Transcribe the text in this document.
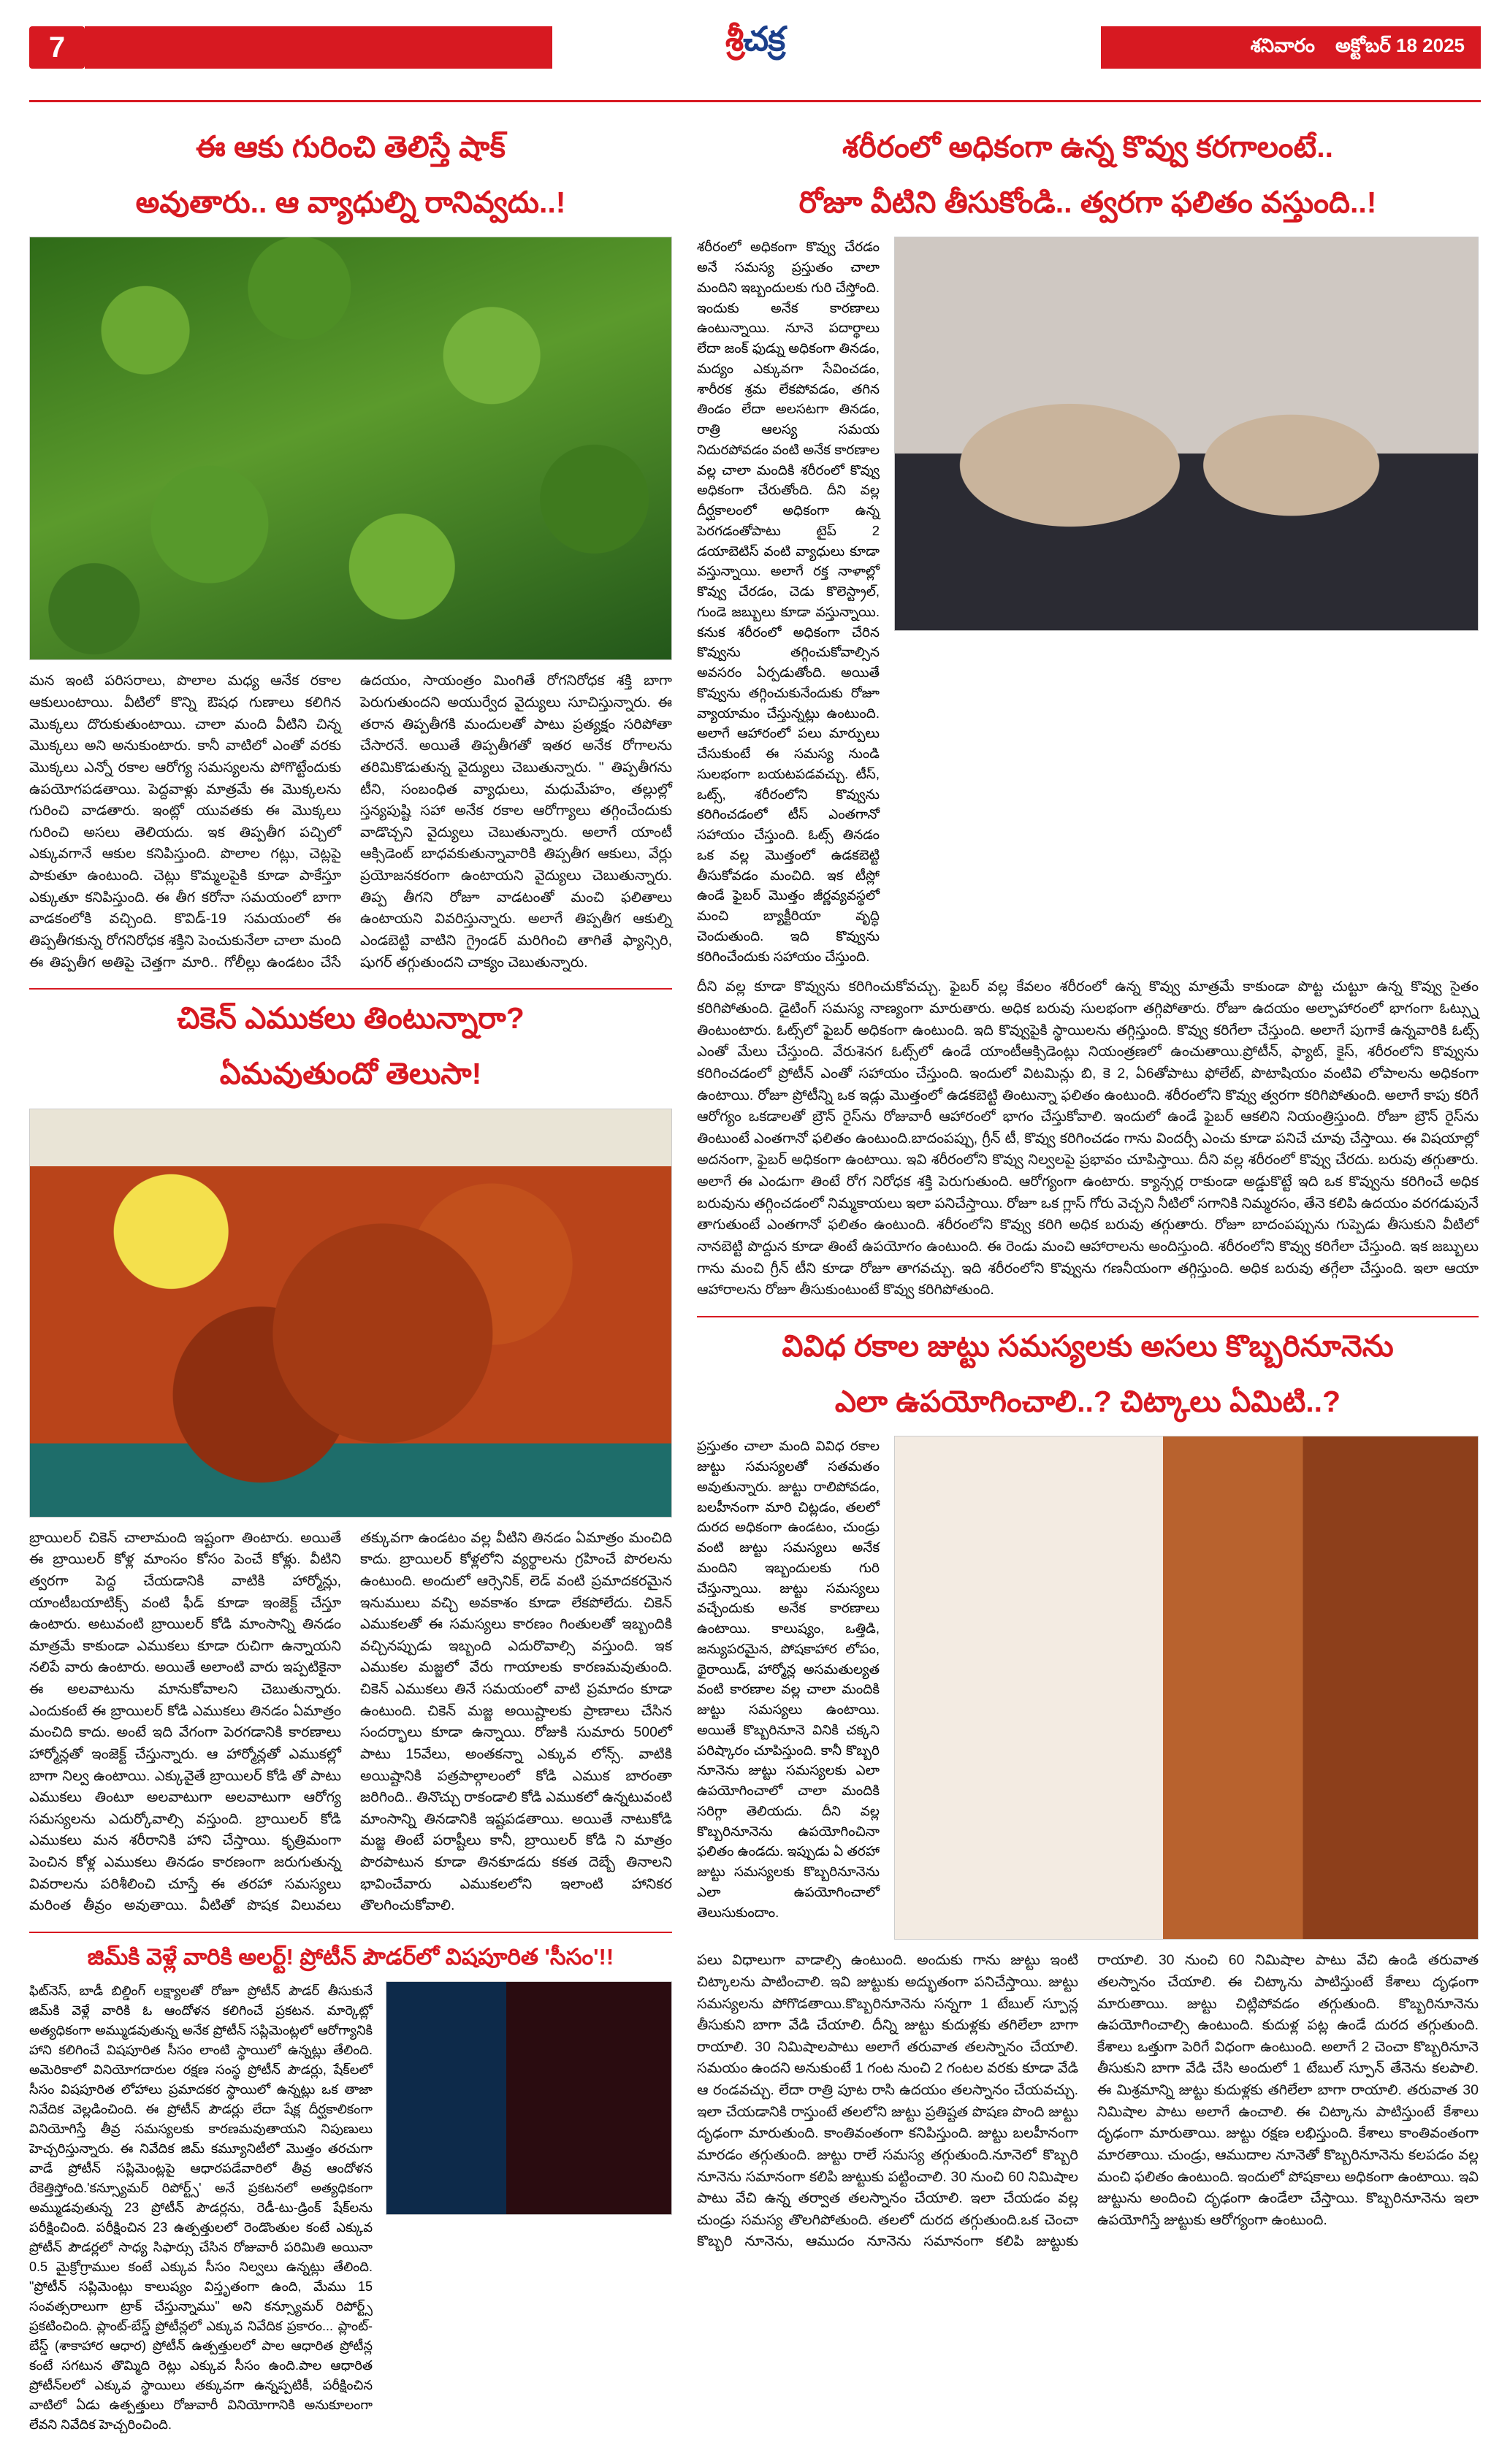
7	శ్రీచక్ర	శనివారం అక్టోబర్ 18 2025
ఈ ఆకు గురించి తెలిస్తే షాక్
అవుతారు.. ఆ వ్యాధుల్ని రానివ్వదు..!
మన ఇంటి పరిసరాలు, పొలాల మధ్య ఆనేక రకాల ఆకులుంటాయి. వీటిలో కొన్ని ఔషధ గుణాలు కలిగిన మొక్కలు దొరుకుతుంటాయి. చాలా మంది వీటిని చిన్న మొక్కలు అని అనుకుంటారు. కానీ వాటిలో ఎంతో వరకు మొక్కలు ఎన్నో రకాల ఆరోగ్య సమస్యలను పోగొట్టేందుకు ఉపయోగపడతాయి. పెద్దవాళ్లు మాత్రమే ఈ మొక్కలను గురించి వాడతారు. ఇంట్లో యువతకు ఈ మొక్కలు గురించి అసలు తెలియదు. ఇక తిప్పతీగ పచ్చిలో ఎక్కువగానే ఆకుల కనిపిస్తుంది. పొలాల గట్లు, చెట్లపై పాకుతూ ఉంటుంది. చెట్లు కొమ్మలపైకి కూడా పాకేస్తూ ఎక్కుతూ కనిపిస్తుంది. ఈ తీగ కరోనా సమయంలో బాగా వాడకంలోకి వచ్చింది. కొవిడ్-19 సమయంలో ఈ తిప్పతీగకున్న రోగనిరోధక శక్తిని పెంచుకునేలా చాలా మంది ఈ తిప్పతీగ అతిపై చెత్తగా మారి.. గోలీల్లు ఉండటం చేసే ఉదయం, సాయంత్రం మింగితే రోగనిరోధక శక్తి బాగా పెరుగుతుందని అయుర్వేద వైద్యులు సూచిస్తున్నారు. ఈ తరాన తిప్పతీగకి మందులతో పాటు ప్రత్యక్షం సరిపోతా చేసారనే. అయితే తిప్పతీగతో ఇతర అనేక రోగాలను తరిమికొడుతున్న వైద్యులు చెబుతున్నారు. " తిప్పతీగను టీని, సంబంధిత వ్యాధులు, మధుమేహం, తల్లుల్లో స్తన్యపుష్టి సహా అనేక రకాల ఆరోగ్యాలు తగ్గించేందుకు వాడొచ్చని వైద్యులు చెబుతున్నారు. అలాగే యాంటీ ఆక్సిడెంట్ బాధవకుతున్నావారికి తిప్పతీగ ఆకులు, వేర్లు ప్రయోజనకరంగా ఉంటాయని వైద్యులు చెబుతున్నారు. తిప్ప తీగని రోజూ వాడటంతో మంచి ఫలితాలు ఉంటాయని వివరిస్తున్నారు. అలాగే తిప్పతీగ ఆకుల్ని ఎండబెట్టి వాటిని గ్రైండర్ మరిగించి తాగితే ఫ్యాన్సిరి, షుగర్ తగ్గుతుందని చాక్యం చెబుతున్నారు.
చికెన్ ఎముకలు తింటున్నారా?
ఏమవుతుందో తెలుసా!
బ్రాయిలర్ చికెన్ చాలామంది ఇష్టంగా తింటారు. అయితే ఈ బ్రాయిలర్ కోళ్ల మాంసం కోసం పెంచే కోళ్లు. వీటిని త్వరగా పెద్ద చేయడానికి వాటికి హార్మోన్లు, యాంటీబయాటిక్స్ వంటి ఫీడ్ కూడా ఇంజెక్ట్ చేస్తూ ఉంటారు. అటువంటి బ్రాయిలర్ కోడి మాంసాన్ని తినడం మాత్రమే కాకుండా ఎముకలు కూడా రుచిగా ఉన్నాయని నలిపే వారు ఉంటారు. అయితే అలాంటి వారు ఇప్పటికైనా ఈ అలవాటును మానుకోవాలని చెబుతున్నారు. ఎందుకంటే ఈ బ్రాయిలర్ కోడి ఎముకలు తినడం ఏమాత్రం మంచిది కాదు. అంటే ఇది వేగంగా పెరగడానికి కారణాలు హార్మోన్లతో ఇంజెక్ట్ చేస్తున్నారు. ఆ హార్మోన్లతో ఎముకల్లో బాగా నిల్వ ఉంటాయి. ఎక్కువైతే బ్రాయిలర్ కోడి తో పాటు ఎముకలు తింటూ అలవాటుగా అలవాటుగా ఆరోగ్య సమస్యలను ఎదుర్కోవాల్సి వస్తుంది. బ్రాయిలర్ కోడి ఎముకలు మన శరీరానికి హాని చేస్తాయి. కృత్రిమంగా పెంచిన కోళ్ల ఎముకలు తినడం కారణంగా జరుగుతున్న వివరాలను పరిశీలించి చూస్తే ఈ తరహా సమస్యలు మరింత తీవ్రం అవుతాయి. వీటితో పొషక విలువలు తక్కువగా ఉండటం వల్ల వీటిని తినడం ఏమాత్రం మంచిది కాదు. బ్రాయిలర్ కోళ్లలోని వ్యర్థాలను గ్రహించే పొరలను ఉంటుంది. అందులో ఆర్సెనిక్, లెడ్ వంటి ప్రమాదకరమైన ఇనుములు వచ్చి అవకాశం కూడా లేకపోలేదు. చికెన్ ఎముకలతో ఈ సమస్యలు కారణం గింతులతో ఇబ్బందికి వచ్చినప్పుడు ఇబ్బంది ఎదురొవాల్సి వస్తుంది. ఇక ఎముకల మజ్జలో వేరు గాయాలకు కారణమవుతుంది. చికెన్ ఎముకలు తినే సమయంలో వాటి ప్రమాదం కూడా ఉంటుంది. చికెన్ మజ్జ అయిష్టాలకు ప్రాణాలు చేసిన సందర్భాలు కూడా ఉన్నాయి. రోజుకి సుమారు 500లో పాటు 15వేలు, అంతకన్నా ఎక్కువ లోన్స్. వాటికి అయిష్టానికి పత్రపాల్గాలంలో కోడి ఎముక బారంతా జరిగింది.. తినొచ్చు రాకండాలి కోడి ఎముకలో ఉన్నటువంటి మాంసాన్ని తినడానికి ఇష్టపడతాయి. అయితే నాటుకోడి మజ్జ తింటే పరాష్టీలు కానీ, బ్రాయిలర్ కోడి ని మాత్రం పొరపాటున కూడా తినకూడదు కకత దెబ్బే తినాలని భావించేవారు ఎముకలలోని ఇలాంటి హానికర తొలగించుకోవాలి.
జిమ్‌కి వెళ్లే వారికి అలర్ట్! ప్రోటీన్ పౌడర్‌లో విషపూరిత 'సీసం'!!
ఫిట్‌నెస్, బాడీ బిల్డింగ్ లక్ష్యాలతో రోజూ ప్రోటీన్ పౌడర్ తీసుకునే జిమ్‌కి వెళ్లే వారికి ఓ ఆందోళన కలిగించే ప్రకటన. మార్కెట్లో అత్యధికంగా అమ్ముడవుతున్న అనేక ప్రోటీన్ సప్లిమెంట్లలో ఆరోగ్యానికి హాని కలిగించే విషపూరిత సీసం లాంటి స్థాయిలో ఉన్నట్లు తేలింది. అమెరికాలో వినియోగదారుల రక్షణ సంస్థ ప్రోటీన్ పౌడర్లు, షేక్‌లలో సీసం విషపూరిత లోహాలు ప్రమాదకర స్థాయిలో ఉన్నట్లు ఒక తాజా నివేదిక వెల్లడించింది. ఈ ప్రోటీన్ పౌడర్లు లేదా షేక్ల దీర్ఘకాలికంగా వినియోగిస్తే తీవ్ర సమస్యలకు కారణమవుతాయని నిపుణులు హెచ్చరిస్తున్నారు. ఈ నివేదిక జిమ్ కమ్యూనిటీలో మొత్తం తరచుగా వాడే ప్రోటీన్ సప్లిమెంట్లపై ఆధారపడేవారిలో తీవ్ర ఆందోళన రేకెత్తిస్తోంది.'కన్స్యూమర్ రిపోర్ట్స్' అనే ప్రకటనలో అత్యధికంగా అమ్ముడవుతున్న 23 ప్రోటీన్ పౌడర్లను, రెడీ-టు-డ్రింక్ షేక్‌లను పరీక్షించింది. పరీక్షించిన 23 ఉత్పత్తులలో రెండొంతుల కంటే ఎక్కువ ప్రోటీన్ పౌడర్లలో సాధ్య సిఫార్సు చేసిన రోజువారీ పరిమితి అయినా 0.5 మైక్రోగ్రాముల కంటే ఎక్కువ సీసం నిల్వలు ఉన్నట్లు తేలింది. "ప్రోటీన్ సప్లిమెంట్లు కాలుష్యం విస్తృతంగా ఉంది, మేము 15 సంవత్సరాలుగా ట్రాక్ చేస్తున్నాము" అని కన్స్యూమర్ రిపోర్ట్స్ ప్రకటించింది. ప్లాంట్-బేస్డ్ ప్రోటీన్లలో ఎక్కువ నివేదిక ప్రకారం... ప్లాంట్-బేస్డ్ (శాకాహార ఆధార) ప్రోటీన్ ఉత్పత్తులలో పాల ఆధారిత ప్రోటీన్ల కంటే సగటున తొమ్మిది రెట్లు ఎక్కువ సీసం ఉంది.పాల ఆధారిత ప్రోటీన్‌లలో ఎక్కువ స్థాయిలు తక్కువగా ఉన్నప్పటికీ, పరీక్షించిన వాటిలో ఏడు ఉత్పత్తులు రోజువారీ వినియోగానికి అనుకూలంగా లేవని నివేదిక హెచ్చరించింది.
శరీరంలో అధికంగా ఉన్న కొవ్వు కరగాలంటే..
రోజూ వీటిని తీసుకోండి.. త్వరగా ఫలితం వస్తుంది..!
శరీరంలో అధికంగా కొవ్వు చేరడం అనే సమస్య ప్రస్తుతం చాలా మందిని ఇబ్బందులకు గురి చేస్తోంది. ఇందుకు అనేక కారణాలు ఉంటున్నాయి. నూనె పదార్థాలు లేదా జంక్ ఫుడ్ను అధికంగా తినడం, మద్యం ఎక్కువగా సేవించడం, శారీరక శ్రమ లేకపోవడం, తగిన తిండం లేదా అలసటగా తినడం, రాత్రి ఆలస్య సమయ నిదురపోవడం వంటి అనేక కారణాల వల్ల చాలా మందికి శరీరంలో కొవ్వు అధికంగా చేరుతోంది. దీని వల్ల దీర్ఘకాలంలో అధికంగా ఉన్న పెరగడంతోపాటు టైప్ 2 డయాబెటిస్ వంటి వ్యాధులు కూడా వస్తున్నాయి. అలాగే రక్త నాళాల్లో కొవ్వు చేరడం, చెడు కొలెస్ట్రాల్, గుండె జబ్బులు కూడా వస్తున్నాయి. కనుక శరీరంలో అధికంగా చేరిన కొవ్వును తగ్గించుకోవాల్సిన అవసరం ఏర్పడుతోంది. అయితే కొవ్వును తగ్గించుకునేందుకు రోజూ వ్యాయామం చేస్తున్నట్లు ఉంటుంది. అలాగే ఆహారంలో పలు మార్పులు చేసుకుంటే ఈ సమస్య నుండి సులభంగా బయటపడవచ్చు. టీస్, ఒట్స్, శరీరంలోని కొవ్వును కరిగించడంలో టీస్ ఎంతగానో సహాయం చేస్తుంది. ఓట్స్ తినడం ఒక వల్ల మొత్తంలో ఉడకబెట్టి తీసుకోవడం మంచిది. ఇక టీస్లో ఉండే ఫైబర్ మొత్తం జీర్ణవ్యవస్థలో మంచి బ్యాక్టీరియా వృద్ధి చెందుతుంది. ఇది కొవ్వును కరిగించేందుకు సహాయం చేస్తుంది.
దీని వల్ల కూడా కొవ్వును కరిగించుకోవచ్చు. ఫైబర్ వల్ల కేవలం శరీరంలో ఉన్న కొవ్వు మాత్రమే కాకుండా పొట్ట చుట్టూ ఉన్న కొవ్వు సైతం కరిగిపోతుంది. డైటింగ్ సమస్య నాణ్యంగా మారుతారు. అధిక బరువు సులభంగా తగ్గిపోతారు. రోజూ ఉదయం అల్పాహారంలో భాగంగా ఓట్స్ను తింటుంటారు. ఓట్స్‌లో ఫైబర్ అధికంగా ఉంటుంది. ఇది కొవ్వుపైకి స్థాయిలను తగ్గిస్తుంది. కొవ్వు కరిగేలా చేస్తుంది. అలాగే పుగాకే ఉన్నవారికి ఓట్స్ ఎంతో మేలు చేస్తుంది. వేరుశెనగ ఓట్స్‌లో ఉండే యాంటీఆక్సిడెంట్లు నియంత్రణలో ఉంచుతాయి.ప్రోటీన్, ఫ్యాట్, కైస్, శరీరంలోని కొవ్వును కరిగించడంలో ప్రోటీన్ ఎంతో సహాయం చేస్తుంది. ఇందులో విటమిన్లు బి, కె 2, ఏ6తోపాటు ఫోలేట్, పొటాషియం వంటివి లోపాలను అధికంగా ఉంటాయి. రోజూ ప్రోటీన్ని ఒక ఇడ్లు మొత్తంలో ఉడకబెట్టి తింటున్నా ఫలితం ఉంటుంది. శరీరంలోని కొవ్వు త్వరగా కరిగిపోతుంది. అలాగే కాపు కరిగే ఆరోగ్యం ఒకడాలతో బ్రౌన్ రైస్‌ను రోజువారీ ఆహారంలో భాగం చేస్తుకోవాలి. ఇందులో ఉండే ఫైబర్ ఆకలిని నియంత్రిస్తుంది. రోజూ బ్రౌన్ రైస్‌ను తింటుంటే ఎంతగానో ఫలితం ఉంటుంది.బాదంపప్పు, గ్రీన్ టీ, కొవ్వు కరిగించడం గాను విందర్సీ ఎంచు కూడా పనిచే చూవు చేస్తాయి. ఈ విషయాల్లో అదనంగా, ఫైబర్ అధికంగా ఉంటాయి. ఇవి శరీరంలోని కొవ్వు నిల్వలపై ప్రభావం చూపిస్తాయి. దీని వల్ల శరీరంలో కొవ్వు చేరదు. బరువు తగ్గుతారు. అలాగే ఈ ఎండుగా తింటే రోగ నిరోధక శక్తి పెరుగుతుంది. ఆరోగ్యంగా ఉంటారు. క్యాన్సర్ల రాకుండా అడ్డుకొట్టే ఇది ఒక కొవ్వును కరిగించే అధిక బరువును తగ్గించడంలో నిమ్మకాయలు ఇలా పనిచేస్తాయి. రోజూ ఒక గ్లాస్ గోరు వెచ్చని నీటిలో సగానికి నిమ్మరసం, తేనె కలిపి ఉదయం వరగడుపునే తాగుతుంటే ఎంతగానో ఫలితం ఉంటుంది. శరీరంలోని కొవ్వు కరిగి అధిక బరువు తగ్గుతారు. రోజూ బాదంపప్పును గుప్పెడు తీసుకుని వీటిలో నానబెట్టి పొద్దున కూడా తింటే ఉపయోగం ఉంటుంది. ఈ రెండు మంచి ఆహారాలను అందిస్తుంది. శరీరంలోని కొవ్వు కరిగేలా చేస్తుంది. ఇక జబ్బులు గాను మంచి గ్రీన్ టీని కూడా రోజూ తాగవచ్చు. ఇది శరీరంలోని కొవ్వును గణనీయంగా తగ్గిస్తుంది. అధిక బరువు తగ్గేలా చేస్తుంది. ఇలా ఆయా ఆహారాలను రోజూ తీసుకుంటుంటే కొవ్వు కరిగిపోతుంది.
వివిధ రకాల జుట్టు సమస్యలకు అసలు కొబ్బరినూనెను
ఎలా ఉపయోగించాలి..? చిట్కాలు ఏమిటి..?
ప్రస్తుతం చాలా మంది వివిధ రకాల జుట్టు సమస్యలతో సతమతం అవుతున్నారు. జుట్టు రాలిపోవడం, బలహీనంగా మారి చిట్లడం, తలలో దురద అధికంగా ఉండటం, చుండ్రు వంటి జుట్టు సమస్యలు అనేక మందిని ఇబ్బందులకు గురి చేస్తున్నాయి. జుట్టు సమస్యలు వచ్చేందుకు అనేక కారణాలు ఉంటాయి. కాలుష్యం, ఒత్తిడి, జన్యుపరమైన, పోషకాహార లోపం, థైరాయిడ్, హార్మోన్ల అసమతుల్యత వంటి కారణాల వల్ల చాలా మందికి జుట్టు సమస్యలు ఉంటాయి. అయితే కొబ్బరినూనె వినికి చక్కని పరిష్కారం చూపిస్తుంది. కానీ కొబ్బరి నూనెను జుట్టు సమస్యలకు ఎలా ఉపయోగించాలో చాలా మందికి సరిగ్గా తెలియదు. దీని వల్ల కొబ్బరినూనెను ఉపయోగించినా ఫలితం ఉండదు. ఇప్పుడు ఏ తరహా జుట్టు సమస్యలకు కొబ్బరినూనెను ఎలా ఉపయోగించాలో తెలుసుకుందాం.
పలు విధాలుగా వాడాల్సి ఉంటుంది. అందుకు గాను జుట్టు ఇంటి చిట్కాలను పాటించాలి. ఇవి జుట్టుకు అద్భుతంగా పనిచేస్తాయి. జుట్టు సమస్యలను పోగొడతాయి.కొబ్బరినూనెను సన్నగా 1 టేబుల్ స్పూన్ల తీసుకుని బాగా వేడి చేయాలి. దీన్ని జుట్టు కుదుళ్లకు తగిలేలా బాగా రాయాలి. 30 నిమిషాలపాటు అలాగే తరువాత తలస్నానం చేయాలి. సమయం ఉందని అనుకుంటే 1 గంట నుంచి 2 గంటల వరకు కూడా వేడి ఆ రండవచ్చు. లేదా రాత్రి పూట రాసి ఉదయం తలస్నానం చేయవచ్చు. ఇలా చేయడానికి రాస్తుంటే తలలోని జుట్టు ప్రతిష్టత పొషణ పొంది జుట్టు దృఢంగా మారుతుంది. కాంతివంతంగా కనిపిస్తుంది. జుట్టు బలహీనంగా మారడం తగ్గుతుంది. జుట్టు రాలే సమస్య తగ్గుతుంది.నూనెలో కొబ్బరి నూనెను సమానంగా కలిపి జుట్టుకు పట్టించాలి. 30 నుంచి 60 నిమిషాల పాటు వేచి ఉన్న తర్వాత తలస్నానం చేయాలి. ఇలా చేయడం వల్ల చుండ్రు సమస్య తొలగిపోతుంది. తలలో దురద తగ్గుతుంది.ఒక చెంచా కొబ్బరి నూనెను, ఆముదం నూనెను సమానంగా కలిపి జుట్టుకు రాయాలి. 30 నుంచి 60 నిమిషాల పాటు వేచి ఉండి తరువాత తలస్నానం చేయాలి. ఈ చిట్కాను పాటిస్తుంటే కేశాలు దృఢంగా మారుతాయి. జుట్టు చిట్లిపోవడం తగ్గుతుంది. కొబ్బరినూనెను ఉపయోగించాల్సి ఉంటుంది. కుదుళ్ల పట్ల ఉండే దురద తగ్గుతుంది. కేశాలు ఒత్తుగా పెరిగే విధంగా ఉంటుంది. అలాగే 2 చెంచా కొబ్బరినూనె తీసుకుని బాగా వేడి చేసి అందులో 1 టేబుల్ స్పూన్ తేనెను కలపాలి. ఈ మిశ్రమాన్ని జుట్టు కుదుళ్లకు తగిలేలా బాగా రాయాలి. తరువాత 30 నిమిషాల పాటు అలాగే ఉంచాలి. ఈ చిట్కాను పాటిస్తుంటే కేశాలు దృఢంగా మారుతాయి. జుట్టు రక్షణ లభిస్తుంది. కేశాలు కాంతివంతంగా మారతాయి. చుండ్రు, ఆముదాల నూనెతో కొబ్బరినూనెను కలపడం వల్ల మంచి ఫలితం ఉంటుంది. ఇందులో పోషకాలు అధికంగా ఉంటాయి. ఇవి జుట్టును అందించి దృఢంగా ఉండేలా చేస్తాయి. కొబ్బరినూనెను ఇలా ఉపయోగిస్తే జుట్టుకు ఆరోగ్యంగా ఉంటుంది.
